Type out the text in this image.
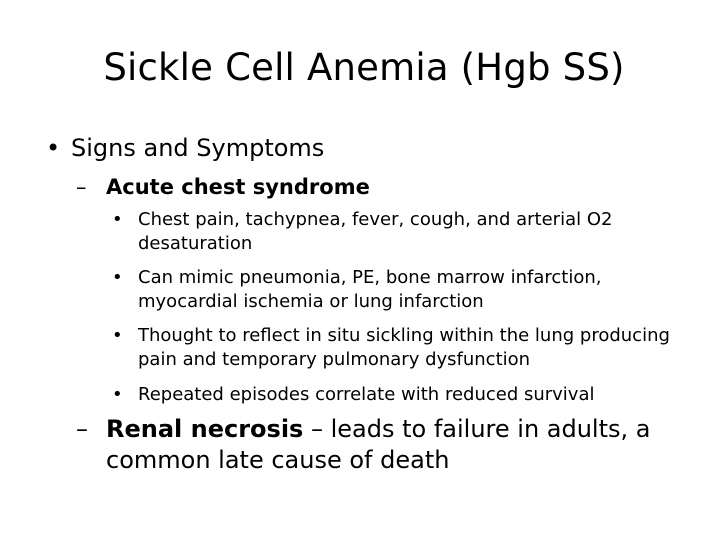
Sickle Cell Anemia (Hgb SS)
• Signs and Symptoms
– Acute chest syndrome
• Chest pain, tachypnea, fever, cough, and arterial O2 desaturation
• Can mimic pneumonia, PE, bone marrow infarction, myocardial ischemia or lung infarction
• Thought to reflect in situ sickling within the lung producing pain and temporary pulmonary dysfunction
• Repeated episodes correlate with reduced survival
– Renal necrosis – leads to failure in adults, a common late cause of death
